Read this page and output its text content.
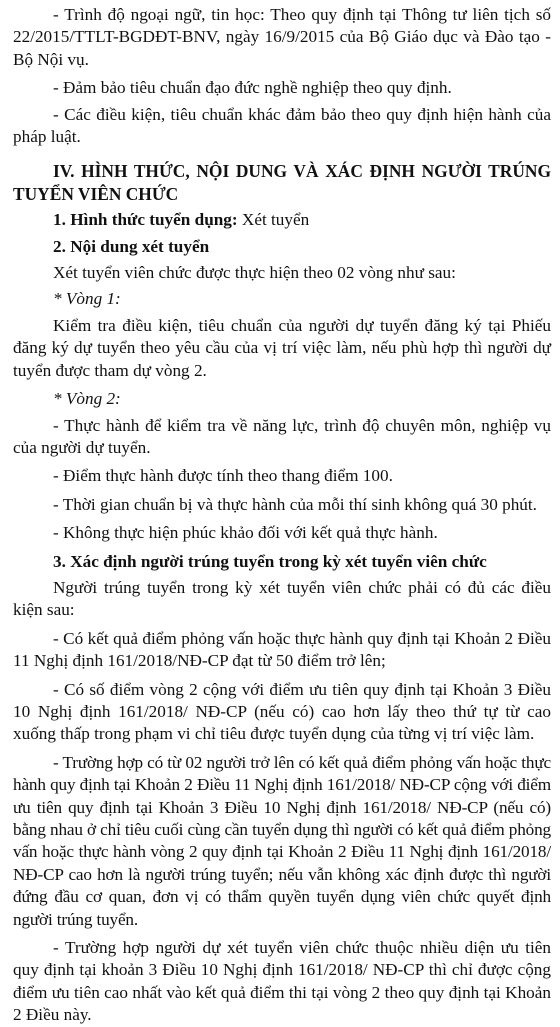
- Trình độ ngoại ngữ, tin học: Theo quy định tại Thông tư liên tịch số 22/2015/TTLT-BGDĐT-BNV, ngày 16/9/2015 của Bộ Giáo dục và Đào tạo - Bộ Nội vụ.

- Đảm bảo tiêu chuẩn đạo đức nghề nghiệp theo quy định.

- Các điều kiện, tiêu chuẩn khác đảm bảo theo quy định hiện hành của pháp luật.

IV. HÌNH THỨC, NỘI DUNG VÀ XÁC ĐỊNH NGƯỜI TRÚNG TUYỂN VIÊN CHỨC

1. Hình thức tuyển dụng: Xét tuyển

2. Nội dung xét tuyển

Xét tuyển viên chức được thực hiện theo 02 vòng như sau:

* Vòng 1:

Kiểm tra điều kiện, tiêu chuẩn của người dự tuyển đăng ký tại Phiếu đăng ký dự tuyển theo yêu cầu của vị trí việc làm, nếu phù hợp thì người dự tuyển được tham dự vòng 2.

* Vòng 2:

- Thực hành để kiểm tra về năng lực, trình độ chuyên môn, nghiệp vụ của người dự tuyển.

- Điểm thực hành được tính theo thang điểm 100.

- Thời gian chuẩn bị và thực hành của mỗi thí sinh không quá 30 phút.

- Không thực hiện phúc khảo đối với kết quả thực hành.

3. Xác định người trúng tuyển trong kỳ xét tuyển viên chức

Người trúng tuyển trong kỳ xét tuyển viên chức phải có đủ các điều kiện sau:

- Có kết quả điểm phỏng vấn hoặc thực hành quy định tại Khoản 2 Điều 11 Nghị định 161/2018/NĐ-CP đạt từ 50 điểm trở lên;

- Có số điểm vòng 2 cộng với điểm ưu tiên quy định tại Khoản 3 Điều 10 Nghị định 161/2018/ NĐ-CP (nếu có) cao hơn lấy theo thứ tự từ cao xuống thấp trong phạm vi chỉ tiêu được tuyển dụng của từng vị trí việc làm.

- Trường hợp có từ 02 người trở lên có kết quả điểm phỏng vấn hoặc thực hành quy định tại Khoản 2 Điều 11 Nghị định 161/2018/ NĐ-CP cộng với điểm ưu tiên quy định tại Khoản 3 Điều 10 Nghị định 161/2018/ NĐ-CP (nếu có) bằng nhau ở chỉ tiêu cuối cùng cần tuyển dụng thì người có kết quả điểm phỏng vấn hoặc thực hành vòng 2 quy định tại Khoản 2 Điều 11 Nghị định 161/2018/ NĐ-CP cao hơn là người trúng tuyển; nếu vẫn không xác định được thì người đứng đầu cơ quan, đơn vị có thẩm quyền tuyển dụng viên chức quyết định người trúng tuyển.

- Trường hợp người dự xét tuyển viên chức thuộc nhiều diện ưu tiên quy định tại khoản 3 Điều 10 Nghị định 161/2018/ NĐ-CP thì chỉ được cộng điểm ưu tiên cao nhất vào kết quả điểm thi tại vòng 2 theo quy định tại Khoản 2 Điều này.
